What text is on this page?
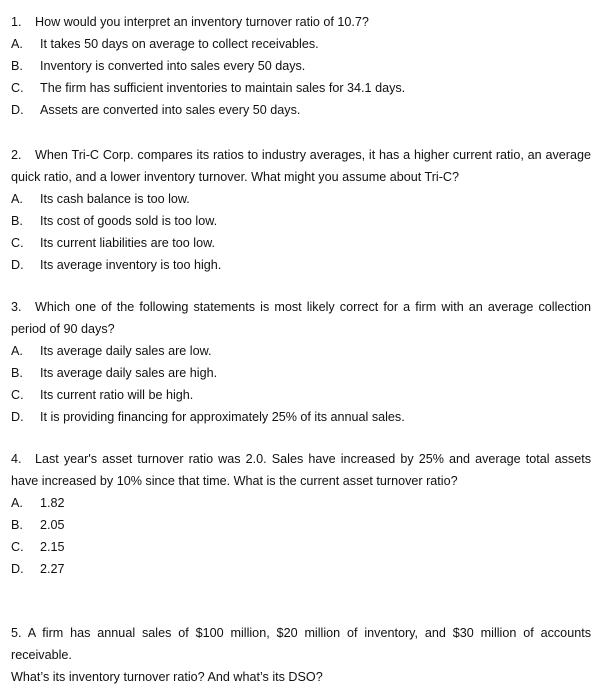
1. How would you interpret an inventory turnover ratio of 10.7?
A. It takes 50 days on average to collect receivables.
B. Inventory is converted into sales every 50 days.
C. The firm has sufficient inventories to maintain sales for 34.1 days.
D. Assets are converted into sales every 50 days.
2. When Tri-C Corp. compares its ratios to industry averages, it has a higher current ratio, an average quick ratio, and a lower inventory turnover. What might you assume about Tri-C?
A. Its cash balance is too low.
B. Its cost of goods sold is too low.
C. Its current liabilities are too low.
D. Its average inventory is too high.
3. Which one of the following statements is most likely correct for a firm with an average collection period of 90 days?
A. Its average daily sales are low.
B. Its average daily sales are high.
C. Its current ratio will be high.
D. It is providing financing for approximately 25% of its annual sales.
4. Last year's asset turnover ratio was 2.0. Sales have increased by 25% and average total assets have increased by 10% since that time. What is the current asset turnover ratio?
A. 1.82
B. 2.05
C. 2.15
D. 2.27
5. A firm has annual sales of $100 million, $20 million of inventory, and $30 million of accounts receivable.
What’s its inventory turnover ratio? And what’s its DSO?
